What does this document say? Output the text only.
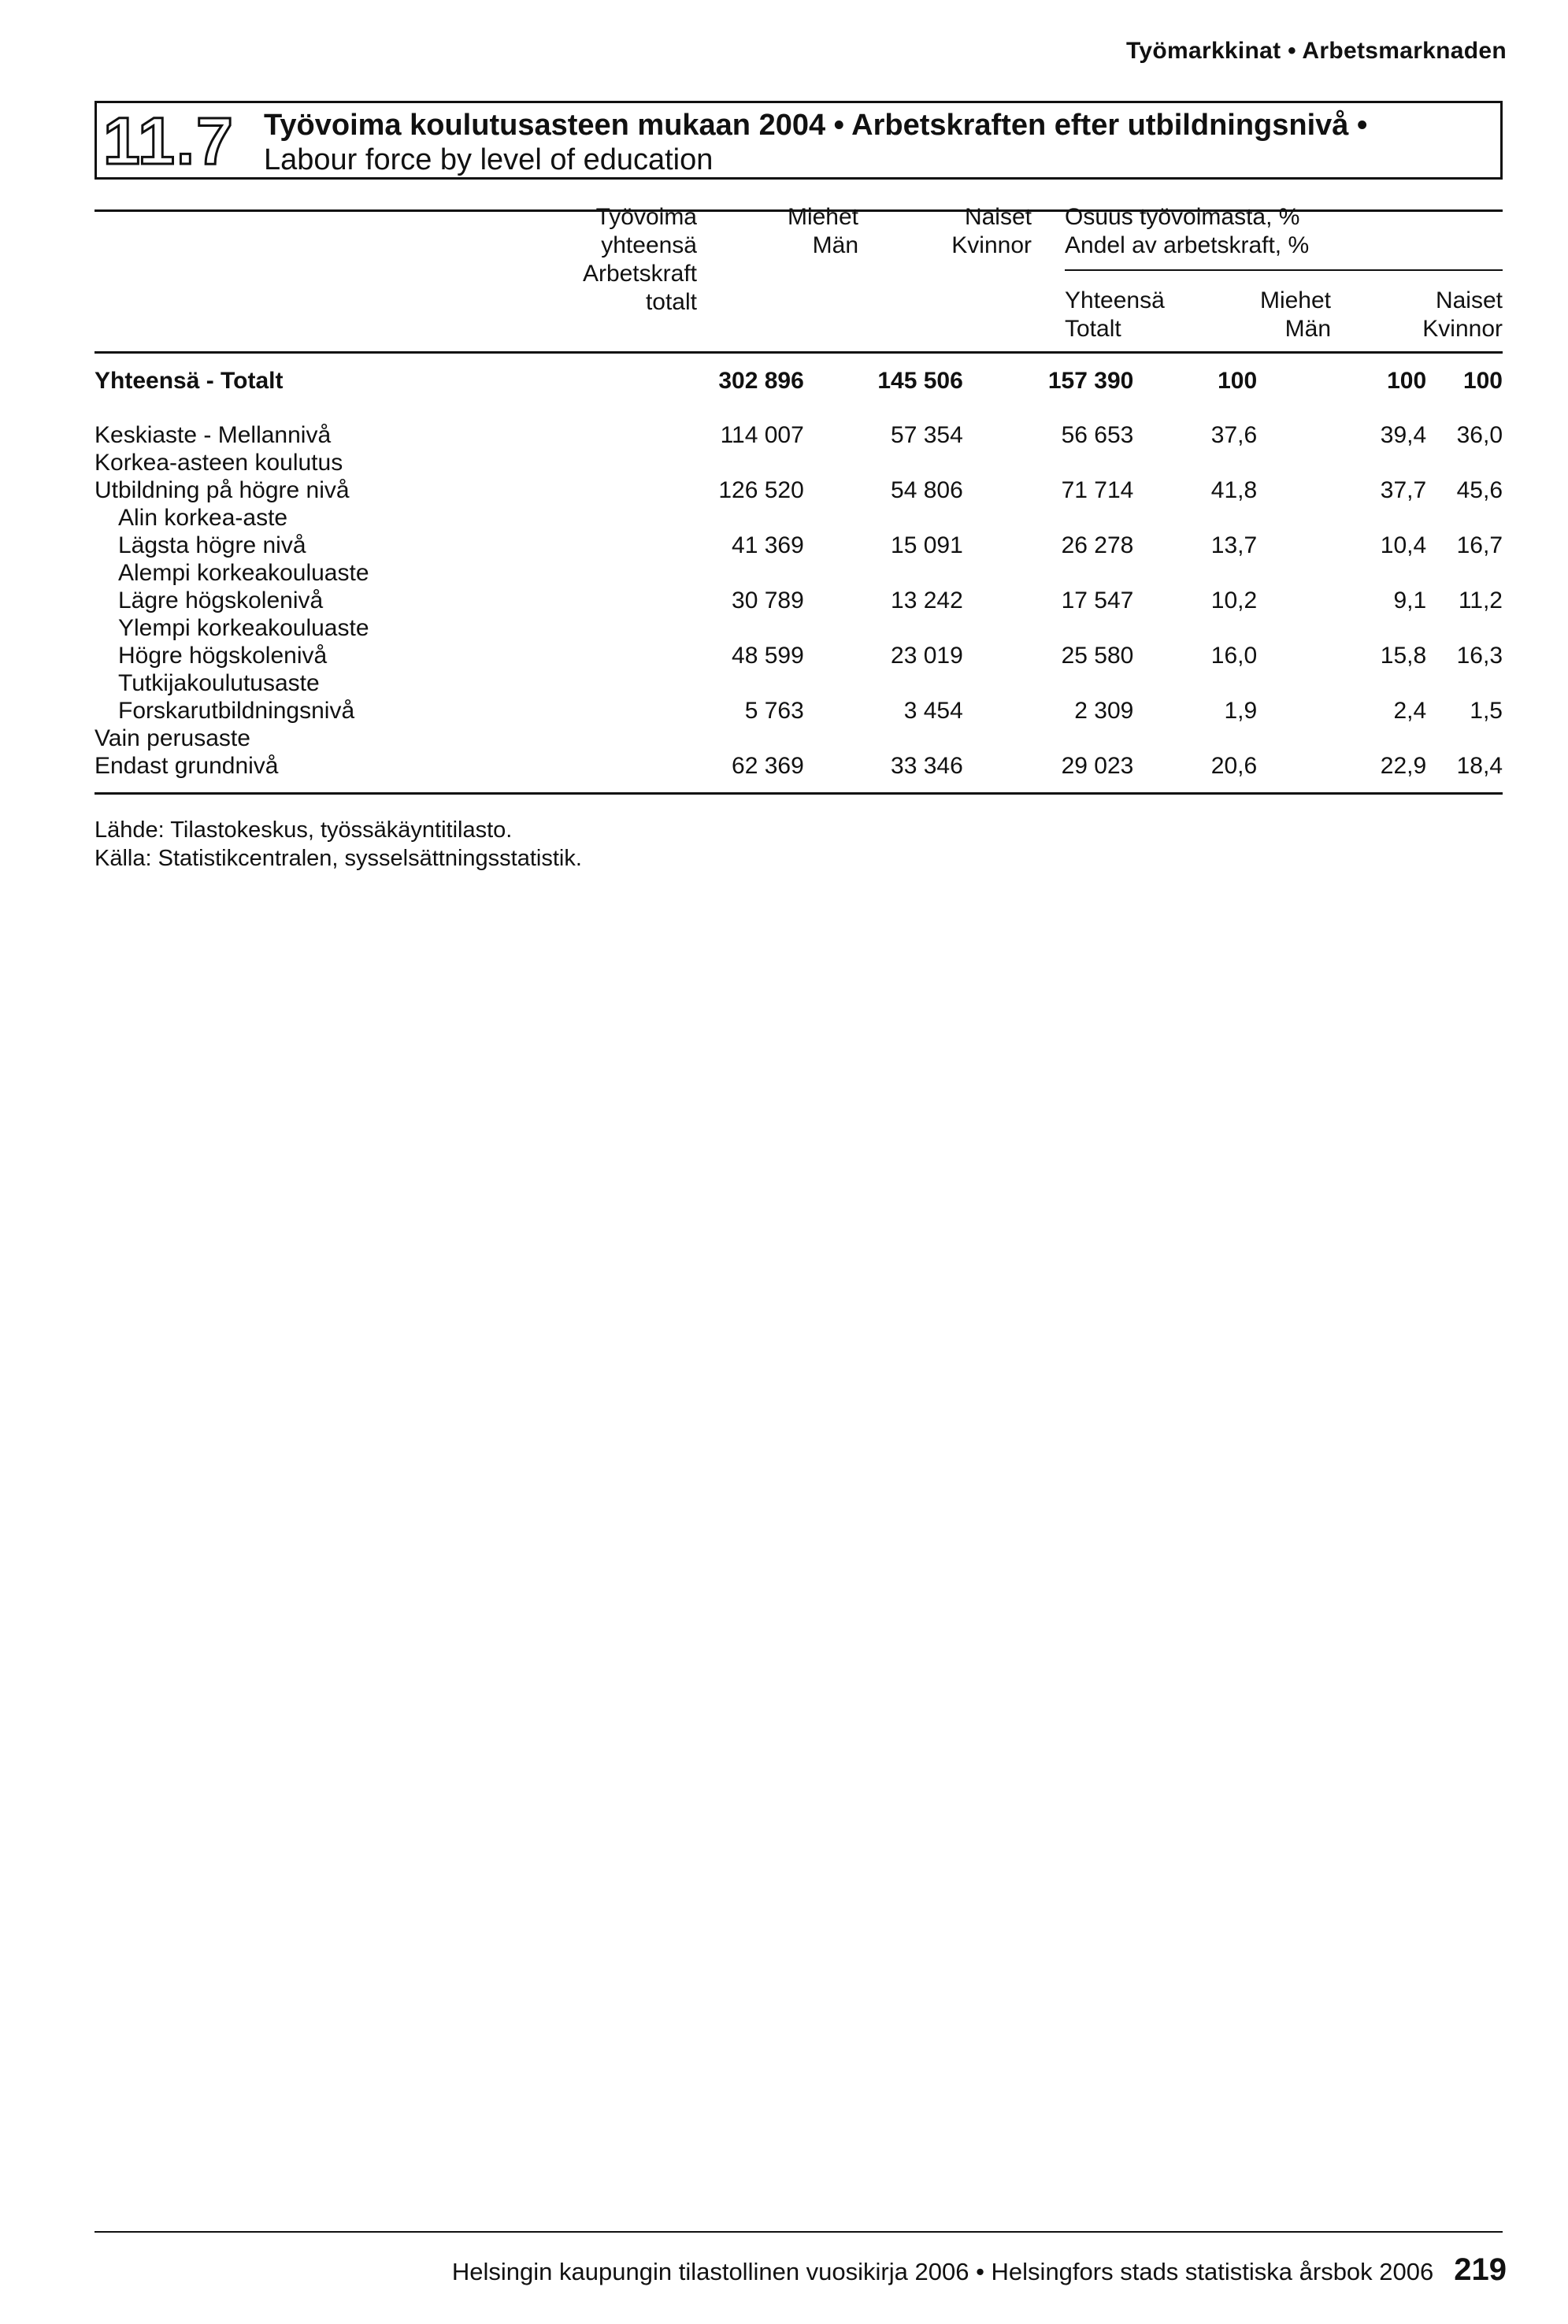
Työmarkkinat • Arbetsmarknaden
11.7 Työvoima koulutusasteen mukaan 2004 • Arbetskraften efter utbildningsnivå • Labour force by level of education
Työvoima
yhteensä
Arbetskraft
totalt
Miehet
Män
Naiset
Kvinnor
Osuus työvoimasta, %
Andel av arbetskraft, %
Yhteensä
Totalt
Miehet
Män
Naiset
Kvinnor
Yhteensä - Totalt	302 896	145 506	157 390	100	100	100
Keskiaste - Mellannivå	114 007	57 354	56 653	37,6	39,4	36,0

Korkea-asteen koulutus
Utbildning på högre nivå	126 520	54 806	71 714	41,8	37,7	45,6

Alin korkea-aste
Lägsta högre nivå	41 369	15 091	26 278	13,7	10,4	16,7

Alempi korkeakouluaste
Lägre högskolenivå	30 789	13 242	17 547	10,2	9,1	11,2

Ylempi korkeakouluaste
Högre högskolenivå	48 599	23 019	25 580	16,0	15,8	16,3

Tutkijakoulutusaste
Forskarutbildningsnivå	5 763	3 454	2 309	1,9	2,4	1,5

Vain perusaste
Endast grundnivå	62 369	33 346	29 023	20,6	22,9	18,4
Lähde: Tilastokeskus, työssäkäyntitilasto.
Källa: Statistikcentralen, sysselsättningsstatistik.
Helsingin kaupungin tilastollinen vuosikirja 2006 • Helsingfors stads statistiska årsbok 2006 219
